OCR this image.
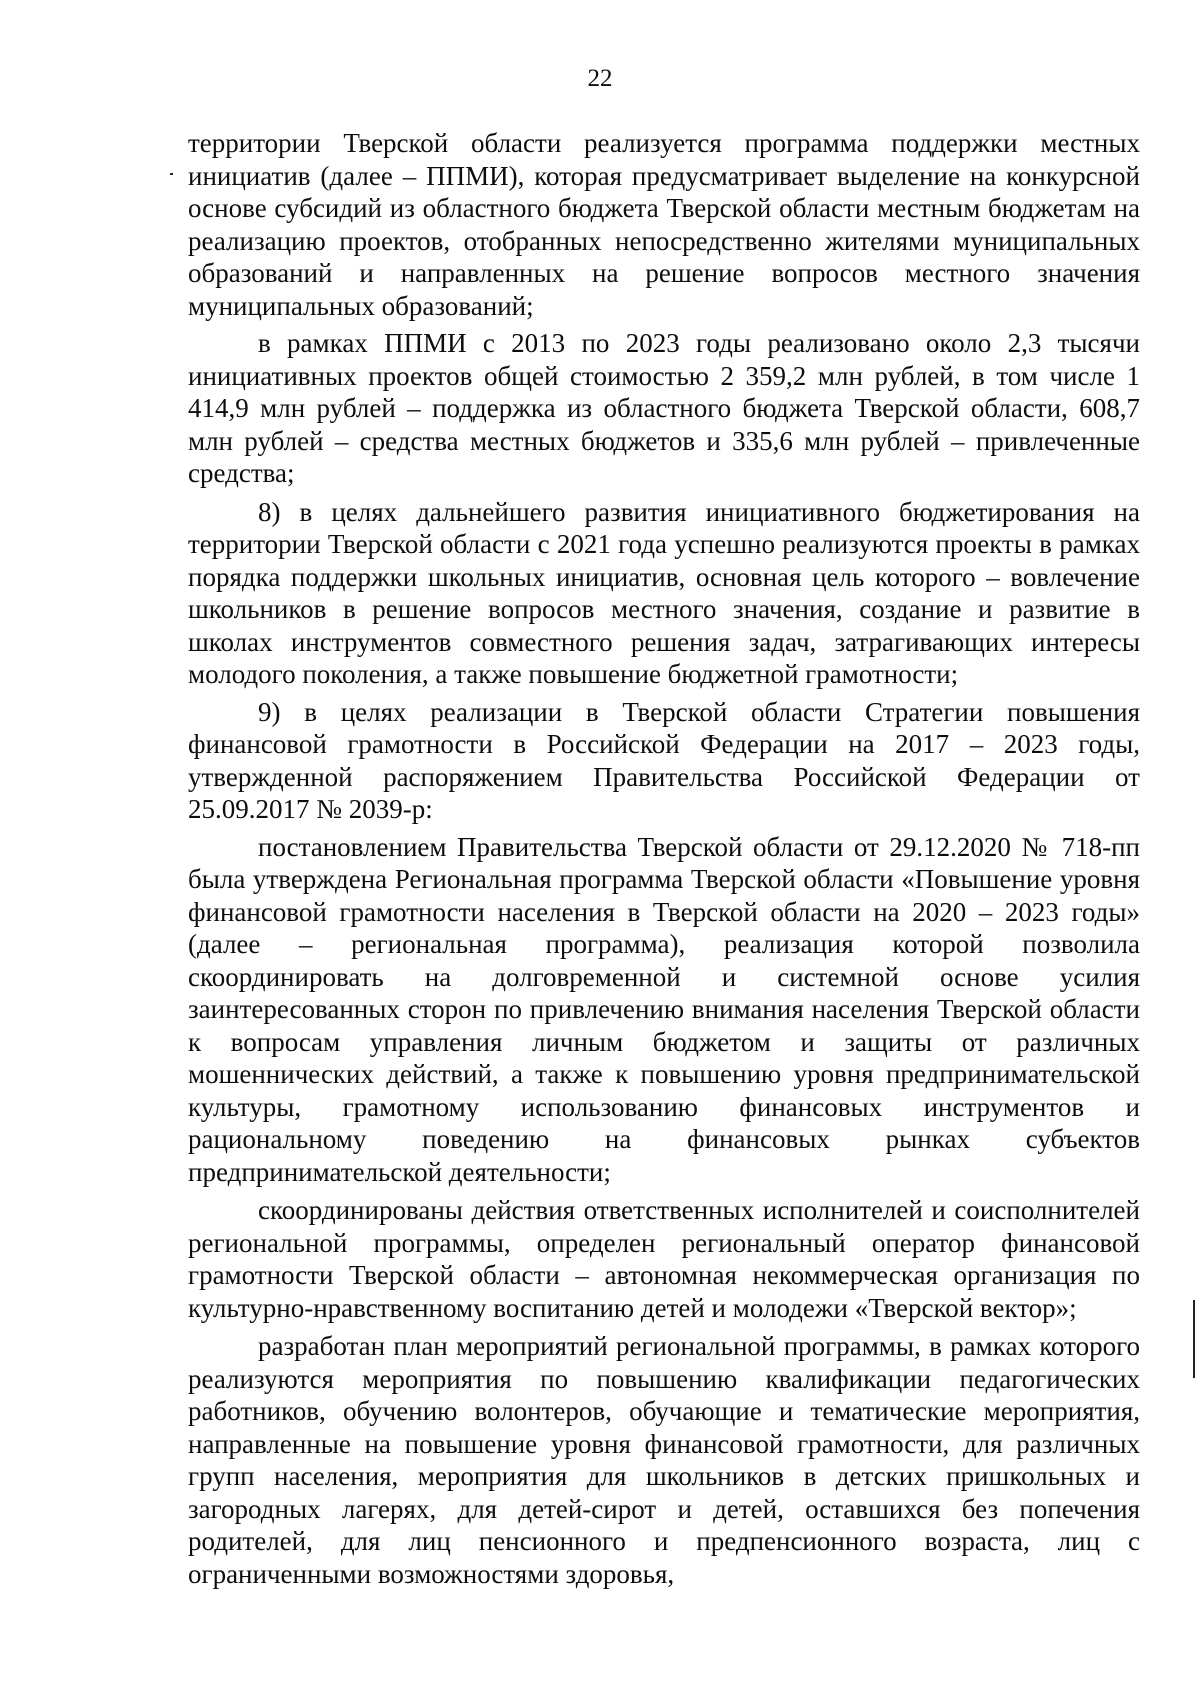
22

территории Тверской области реализуется программа поддержки местных инициатив (далее – ППМИ), которая предусматривает выделение на конкурсной основе субсидий из областного бюджета Тверской области местным бюджетам на реализацию проектов, отобранных непосредственно жителями муниципальных образований и направленных на решение вопросов местного значения муниципальных образований;

в рамках ППМИ с 2013 по 2023 годы реализовано около 2,3 тысячи инициативных проектов общей стоимостью 2 359,2 млн рублей, в том числе 1 414,9 млн рублей – поддержка из областного бюджета Тверской области, 608,7 млн рублей – средства местных бюджетов и 335,6 млн рублей – привлеченные средства;

8) в целях дальнейшего развития инициативного бюджетирования на территории Тверской области с 2021 года успешно реализуются проекты в рамках порядка поддержки школьных инициатив, основная цель которого – вовлечение школьников в решение вопросов местного значения, создание и развитие в школах инструментов совместного решения задач, затрагивающих интересы молодого поколения, а также повышение бюджетной грамотности;

9) в целях реализации в Тверской области Стратегии повышения финансовой грамотности в Российской Федерации на 2017 – 2023 годы, утвержденной распоряжением Правительства Российской Федерации от 25.09.2017 № 2039-р:

постановлением Правительства Тверской области от 29.12.2020 № 718-пп была утверждена Региональная программа Тверской области «Повышение уровня финансовой грамотности населения в Тверской области на 2020 – 2023 годы» (далее – региональная программа), реализация которой позволила скоординировать на долговременной и системной основе усилия заинтересованных сторон по привлечению внимания населения Тверской области к вопросам управления личным бюджетом и защиты от различных мошеннических действий, а также к повышению уровня предпринимательской культуры, грамотному использованию финансовых инструментов и рациональному поведению на финансовых рынках субъектов предпринимательской деятельности;

скоординированы действия ответственных исполнителей и соисполнителей региональной программы, определен региональный оператор финансовой грамотности Тверской области – автономная некоммерческая организация по культурно-нравственному воспитанию детей и молодежи «Тверской вектор»;

разработан план мероприятий региональной программы, в рамках которого реализуются мероприятия по повышению квалификации педагогических работников, обучению волонтеров, обучающие и тематические мероприятия, направленные на повышение уровня финансовой грамотности, для различных групп населения, мероприятия для школьников в детских пришкольных и загородных лагерях, для детей-сирот и детей, оставшихся без попечения родителей, для лиц пенсионного и предпенсионного возраста, лиц с ограниченными возможностями здоровья,
